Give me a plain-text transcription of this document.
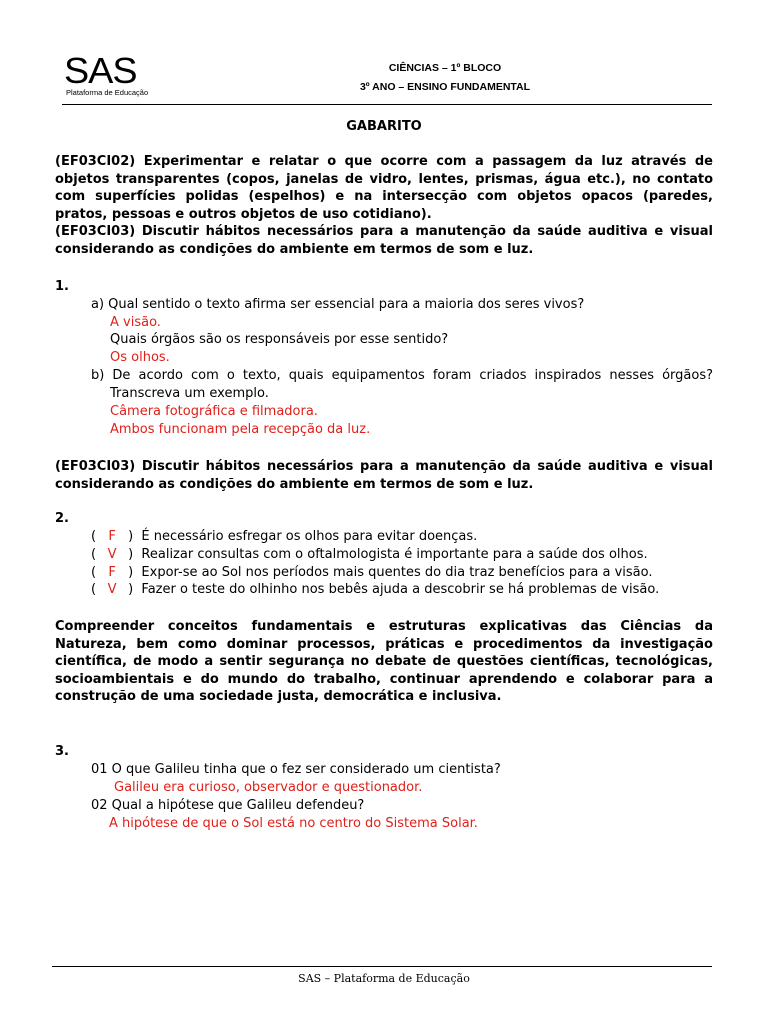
SAS
Plataforma de Educação
CIÊNCIAS – 1º BLOCO
3º ANO – ENSINO FUNDAMENTAL
GABARITO
(EF03CI02) Experimentar e relatar o que ocorre com a passagem da luz através de objetos transparentes (copos, janelas de vidro, lentes, prismas, água etc.), no contato com superfícies polidas (espelhos) e na intersecção com objetos opacos (paredes, pratos, pessoas e outros objetos de uso cotidiano).
(EF03CI03) Discutir hábitos necessários para a manutenção da saúde auditiva e visual considerando as condições do ambiente em termos de som e luz.
1.
a) Qual sentido o texto afirma ser essencial para a maioria dos seres vivos?
A visão.
Quais órgãos são os responsáveis por esse sentido?
Os olhos.
b) De acordo com o texto, quais equipamentos foram criados inspirados nesses órgãos? Transcreva um exemplo.
Câmera fotográfica e filmadora.
Ambos funcionam pela recepção da luz.
(EF03CI03) Discutir hábitos necessários para a manutenção da saúde auditiva e visual considerando as condições do ambiente em termos de som e luz.
2.
( F ) É necessário esfregar os olhos para evitar doenças.
( V ) Realizar consultas com o oftalmologista é importante para a saúde dos olhos.
( F ) Expor-se ao Sol nos períodos mais quentes do dia traz benefícios para a visão.
( V ) Fazer o teste do olhinho nos bebês ajuda a descobrir se há problemas de visão.
Compreender conceitos fundamentais e estruturas explicativas das Ciências da Natureza, bem como dominar processos, práticas e procedimentos da investigação científica, de modo a sentir segurança no debate de questões científicas, tecnológicas, socioambientais e do mundo do trabalho, continuar aprendendo e colaborar para a construção de uma sociedade justa, democrática e inclusiva.
3.
01 O que Galileu tinha que o fez ser considerado um cientista?
Galileu era curioso, observador e questionador.
02 Qual a hipótese que Galileu defendeu?
A hipótese de que o Sol está no centro do Sistema Solar.
SAS – Plataforma de Educação
